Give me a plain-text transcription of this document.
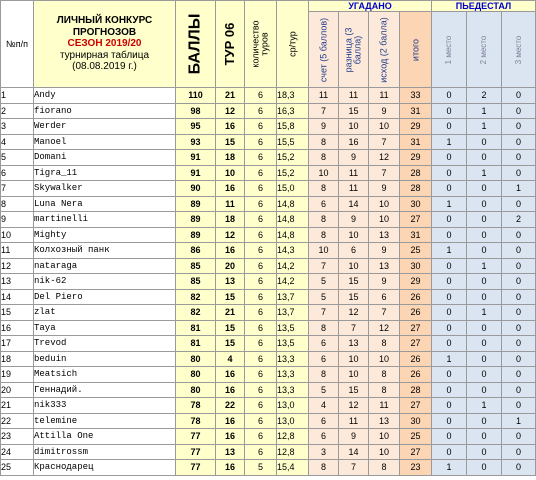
№п/п	ЛИЧНЫЙ КОНКУРС
ПРОГНОЗОВ
СЕЗОН 2019/20
турнирная таблица
(08.08.2019 г.)	БАЛЛЫ	ТУР 06	количество туров	ср/тур	УГАДАНО				ПЬЕДЕСТАЛ		

						счет (5 баллов)	разница (3 балла)	исход (2 балла)	итого	1 место	2 место	3 место

1	Andy	110	21	6	18,3	11	11	11	33	0	2	0
2	fiorano	98	12	6	16,3	7	15	9	31	0	1	0
3	Werder	95	16	6	15,8	9	10	10	29	0	1	0
4	Manoel	93	15	6	15,5	8	16	7	31	1	0	0
5	Domani	91	18	6	15,2	8	9	12	29	0	0	0
6	Tigra_11	91	10	6	15,2	10	11	7	28	0	1	0
7	Skywalker	90	16	6	15,0	8	11	9	28	0	0	1
8	Luna Nera	89	11	6	14,8	6	14	10	30	1	0	0
9	martinelli	89	18	6	14,8	8	9	10	27	0	0	2
10	Mighty	89	12	6	14,8	8	10	13	31	0	0	0
11	Колхозный панк	86	16	6	14,3	10	6	9	25	1	0	0
12	nataraga	85	20	6	14,2	7	10	13	30	0	1	0
13	nik-62	85	13	6	14,2	5	15	9	29	0	0	0
14	Del Piero	82	15	6	13,7	5	15	6	26	0	0	0
15	zlat	82	21	6	13,7	7	12	7	26	0	1	0
16	Taya	81	15	6	13,5	8	7	12	27	0	0	0
17	Trevod	81	15	6	13,5	6	13	8	27	0	0	0
18	beduin	80	4	6	13,3	6	10	10	26	1	0	0
19	Meatsich	80	16	6	13,3	8	10	8	26	0	0	0
20	Геннадий.	80	16	6	13,3	5	15	8	28	0	0	0
21	nik333	78	22	6	13,0	4	12	11	27	0	1	0
22	telemine	78	16	6	13,0	6	11	13	30	0	0	1
23	Attilla One	77	16	6	12,8	6	9	10	25	0	0	0
24	dimitrossm	77	13	6	12,8	3	14	10	27	0	0	0
25	Краснодарец	77	16	5	15,4	8	7	8	23	1	0	0
